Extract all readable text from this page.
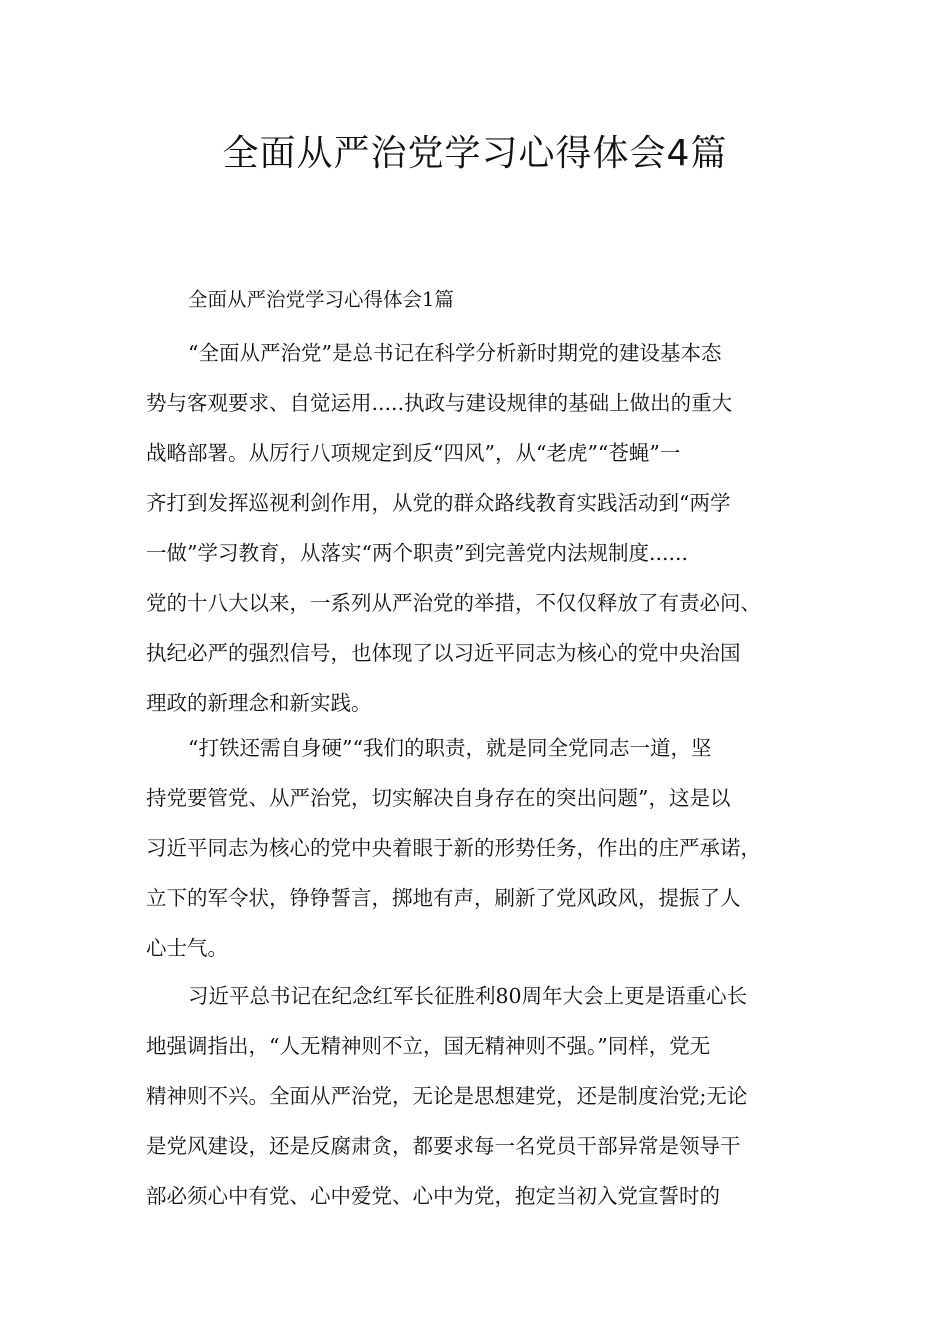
全面从严治党学习心得体会4篇

全面从严治党学习心得体会1篇

“全面从严治党”是总书记在科学分析新时期党的建设基本态
势与客观要求、自觉运用.....执政与建设规律的基础上做出的重大
战略部署。从厉行八项规定到反“四风”，从“老虎”“苍蝇”一
齐打到发挥巡视利剑作用，从党的群众路线教育实践活动到“两学
一做”学习教育，从落实“两个职责”到完善党内法规制度......
党的十八大以来，一系列从严治党的举措，不仅仅释放了有责必问、
执纪必严的强烈信号，也体现了以习近平同志为核心的党中央治国
理政的新理念和新实践。
“打铁还需自身硬”“我们的职责，就是同全党同志一道，坚
持党要管党、从严治党，切实解决自身存在的突出问题”，这是以
习近平同志为核心的党中央着眼于新的形势任务，作出的庄严承诺，
立下的军令状，铮铮誓言，掷地有声，刷新了党风政风，提振了人
心士气。
习近平总书记在纪念红军长征胜利80周年大会上更是语重心长
地强调指出，“人无精神则不立，国无精神则不强。”同样，党无
精神则不兴。全面从严治党，无论是思想建党，还是制度治党;无论
是党风建设，还是反腐肃贪，都要求每一名党员干部异常是领导干
部必须心中有党、心中爱党、心中为党，抱定当初入党宣誓时的
